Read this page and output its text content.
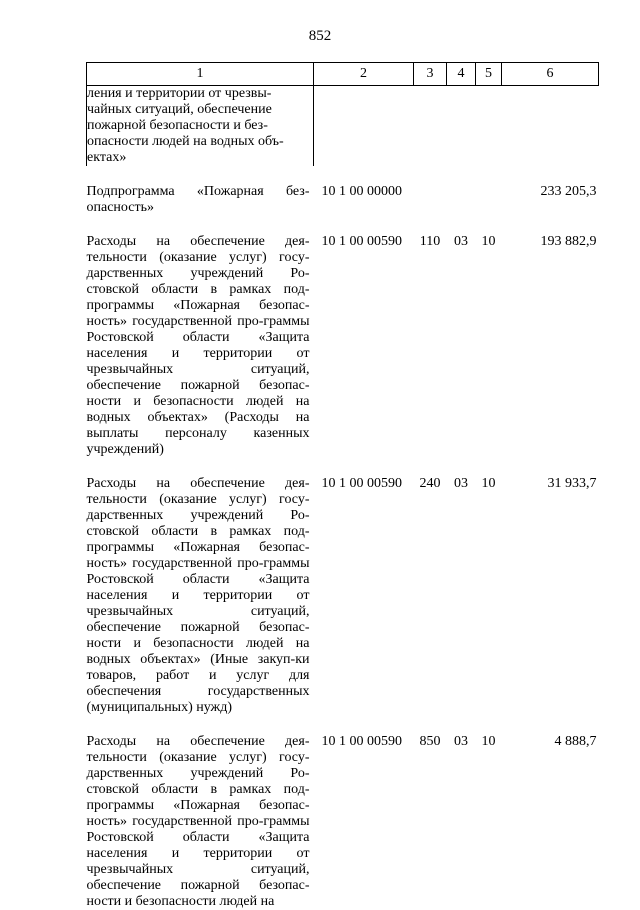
852
1	2	3	4	5	6
ления и территории от чрезвы-чайных ситуаций, обеспечение пожарной безопасности и без-опасности людей на водных объ-ектах»					

Подпрограмма «Пожарная без-опасность»	10 1 00 00000				233 205,3

Расходы на обеспечение дея-тельности (оказание услуг) госу-дарственных учреждений Ро-стовской области в рамках под-программы «Пожарная безопас-ность» государственной про-граммы Ростовской области «Защита населения и территории от чрезвычайных ситуаций, обеспечение пожарной безопас-ности и безопасности людей на водных объектах» (Расходы на выплаты персоналу казенных учреждений)	10 1 00 00590	110	03	10	193 882,9

Расходы на обеспечение дея-тельности (оказание услуг) госу-дарственных учреждений Ро-стовской области в рамках под-программы «Пожарная безопас-ность» государственной про-граммы Ростовской области «Защита населения и территории от чрезвычайных ситуаций, обеспечение пожарной безопас-ности и безопасности людей на водных объектах» (Иные закуп-ки товаров, работ и услуг для обеспечения государственных (муниципальных) нужд)	10 1 00 00590	240	03	10	31 933,7

Расходы на обеспечение дея-тельности (оказание услуг) госу-дарственных учреждений Ро-стовской области в рамках под-программы «Пожарная безопас-ность» государственной про-граммы Ростовской области «Защита населения и территории от чрезвычайных ситуаций, обеспечение пожарной безопас-ности и безопасности людей на	10 1 00 00590	850	03	10	4 888,7
